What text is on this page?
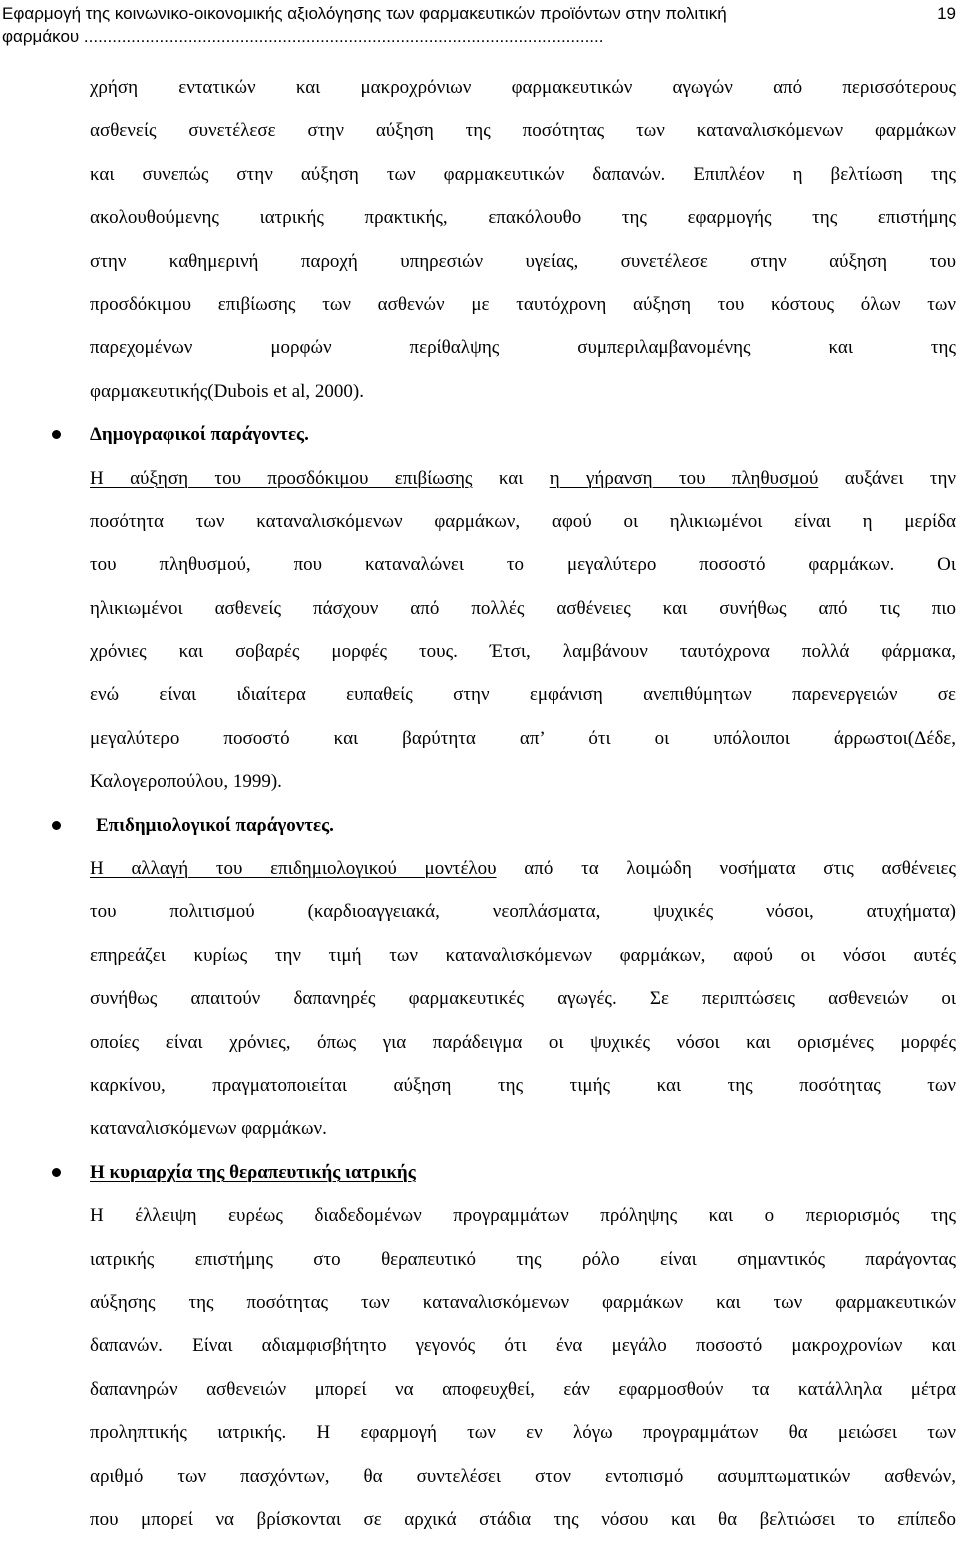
Εφαρμογή της κοινωνικο-οικονομικής αξιολόγησης των φαρμακευτικών προϊόντων στην πολιτική
φαρμάκου ..............................................................................................................
19
χρήση εντατικών και μακροχρόνιων φαρμακευτικών αγωγών από περισσότερους
ασθενείς συνετέλεσε στην αύξηση της ποσότητας των καταναλισκόμενων φαρμάκων
και συνεπώς στην αύξηση των φαρμακευτικών δαπανών. Επιπλέον η βελτίωση της
ακολουθούμενης ιατρικής πρακτικής, επακόλουθο της εφαρμογής της επιστήμης
στην καθημερινή παροχή υπηρεσιών υγείας, συνετέλεσε στην αύξηση του
προσδόκιμου επιβίωσης των ασθενών με ταυτόχρονη αύξηση του κόστους όλων των
παρεχομένων μορφών περίθαλψης συμπεριλαμβανομένης και της
φαρμακευτικής(Dubois et al, 2000).
Δημογραφικοί παράγοντες.
Η αύξηση του προσδόκιμου επιβίωσης και η γήρανση του πληθυσμού αυξάνει την
ποσότητα των καταναλισκόμενων φαρμάκων, αφού οι ηλικιωμένοι είναι η μερίδα
του πληθυσμού, που καταναλώνει το μεγαλύτερο ποσοστό φαρμάκων. Οι
ηλικιωμένοι ασθενείς πάσχουν από πολλές ασθένειες και συνήθως από τις πιο
χρόνιες και σοβαρές μορφές τους. Έτσι, λαμβάνουν ταυτόχρονα πολλά φάρμακα,
ενώ είναι ιδιαίτερα ευπαθείς στην εμφάνιση ανεπιθύμητων παρενεργειών σε
μεγαλύτερο ποσοστό και βαρύτητα απ’ ότι οι υπόλοιποι άρρωστοι(Δέδε,
Καλογεροπούλου, 1999).
Επιδημιολογικοί παράγοντες.
Η αλλαγή του επιδημιολογικού μοντέλου από τα λοιμώδη νοσήματα στις ασθένειες
του πολιτισμού (καρδιοαγγειακά, νεοπλάσματα, ψυχικές νόσοι, ατυχήματα)
επηρεάζει κυρίως την τιμή των καταναλισκόμενων φαρμάκων, αφού οι νόσοι αυτές
συνήθως απαιτούν δαπανηρές φαρμακευτικές αγωγές. Σε περιπτώσεις ασθενειών οι
οποίες είναι χρόνιες, όπως για παράδειγμα οι ψυχικές νόσοι και ορισμένες μορφές
καρκίνου, πραγματοποιείται αύξηση της τιμής και της ποσότητας των
καταναλισκόμενων φαρμάκων.
Η κυριαρχία της θεραπευτικής ιατρικής
Η έλλειψη ευρέως διαδεδομένων προγραμμάτων πρόληψης και ο περιορισμός της
ιατρικής επιστήμης στο θεραπευτικό της ρόλο είναι σημαντικός παράγοντας
αύξησης της ποσότητας των καταναλισκόμενων φαρμάκων και των φαρμακευτικών
δαπανών. Είναι αδιαμφισβήτητο γεγονός ότι ένα μεγάλο ποσοστό μακροχρονίων και
δαπανηρών ασθενειών μπορεί να αποφευχθεί, εάν εφαρμοσθούν τα κατάλληλα μέτρα
προληπτικής ιατρικής. Η εφαρμογή των εν λόγω προγραμμάτων θα μειώσει των
αριθμό των πασχόντων, θα συντελέσει στον εντοπισμό ασυμπτωματικών ασθενών,
που μπορεί να βρίσκονται σε αρχικά στάδια της νόσου και θα βελτιώσει το επίπεδο
